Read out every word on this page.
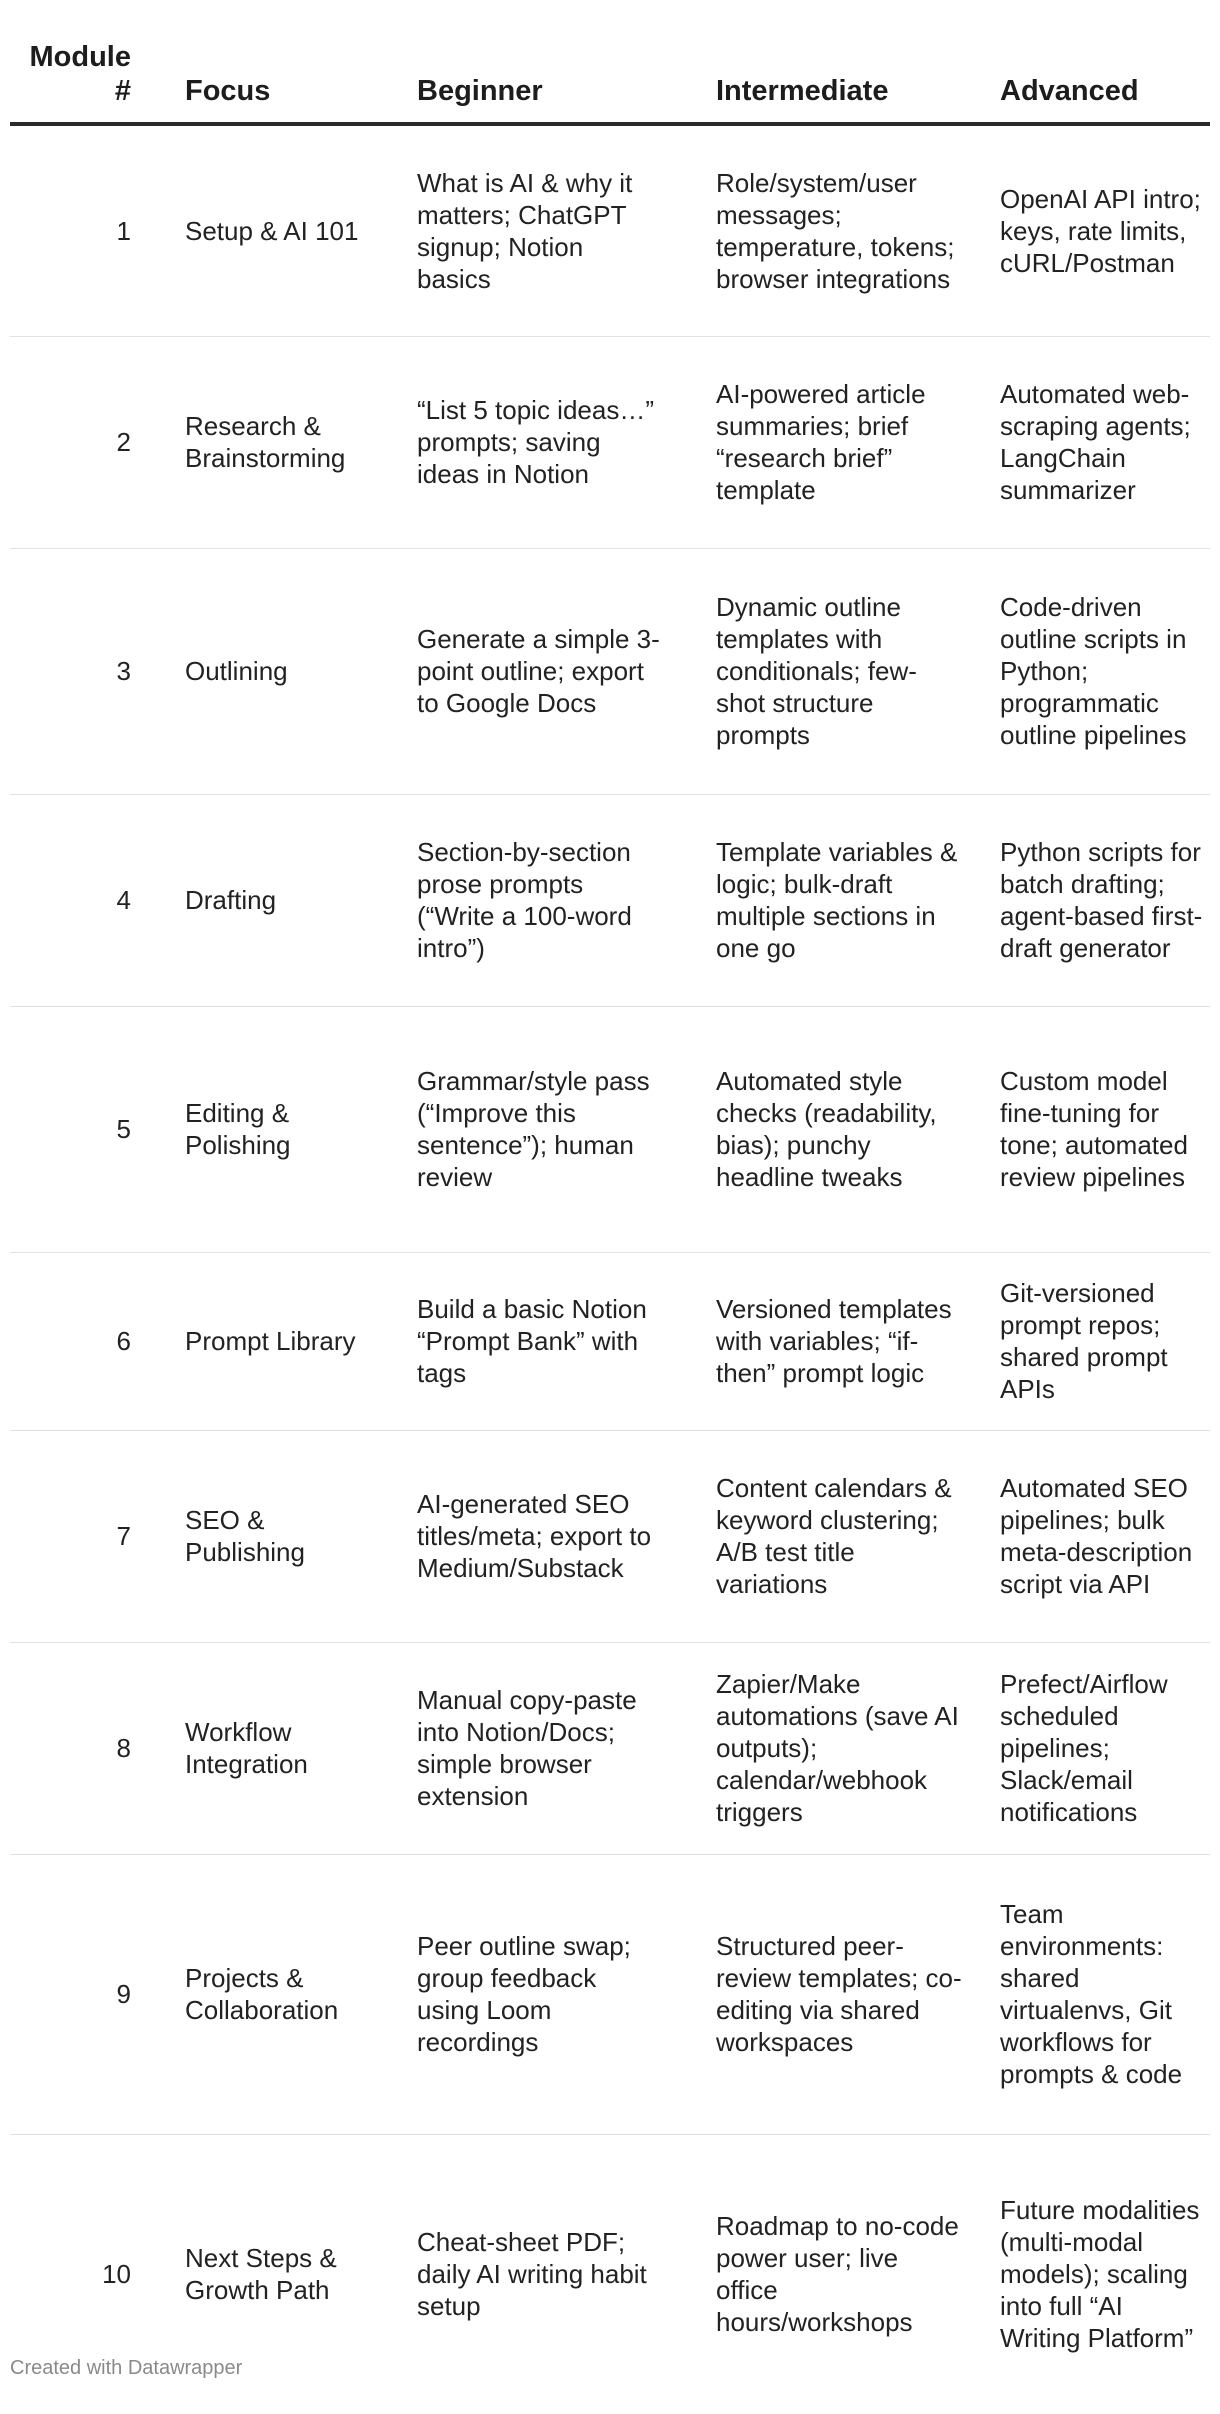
Module #	Focus	Beginner	Intermediate	Advanced
1	Setup & AI 101	What is AI & why it matters; ChatGPT signup; Notion basics	Role/system/user messages; temperature, tokens; browser integrations	OpenAI API intro; keys, rate limits, cURL/Postman
2	Research & Brainstorming	“List 5 topic ideas…” prompts; saving ideas in Notion	AI-powered article summaries; brief “research brief” template	Automated web-scraping agents; LangChain summarizer
3	Outlining	Generate a simple 3-point outline; export to Google Docs	Dynamic outline templates with conditionals; few-shot structure prompts	Code-driven outline scripts in Python; programmatic outline pipelines
4	Drafting	Section-by-section prose prompts (“Write a 100-word intro”)	Template variables & logic; bulk-draft multiple sections in one go	Python scripts for batch drafting; agent-based first-draft generator
5	Editing & Polishing	Grammar/style pass (“Improve this sentence”); human review	Automated style checks (readability, bias); punchy headline tweaks	Custom model fine-tuning for tone; automated review pipelines
6	Prompt Library	Build a basic Notion “Prompt Bank” with tags	Versioned templates with variables; “if-then” prompt logic	Git-versioned prompt repos; shared prompt APIs
7	SEO & Publishing	AI-generated SEO titles/meta; export to Medium/Substack	Content calendars & keyword clustering; A/B test title variations	Automated SEO pipelines; bulk meta-description script via API
8	Workflow Integration	Manual copy-paste into Notion/Docs; simple browser extension	Zapier/Make automations (save AI outputs); calendar/webhook triggers	Prefect/Airflow scheduled pipelines; Slack/email notifications
9	Projects & Collaboration	Peer outline swap; group feedback using Loom recordings	Structured peer-review templates; co-editing via shared workspaces	Team environments: shared virtualenvs, Git workflows for prompts & code
10	Next Steps & Growth Path	Cheat-sheet PDF; daily AI writing habit setup	Roadmap to no-code power user; live office hours/workshops	Future modalities (multi-modal models); scaling into full “AI Writing Platform”
Created with Datawrapper
